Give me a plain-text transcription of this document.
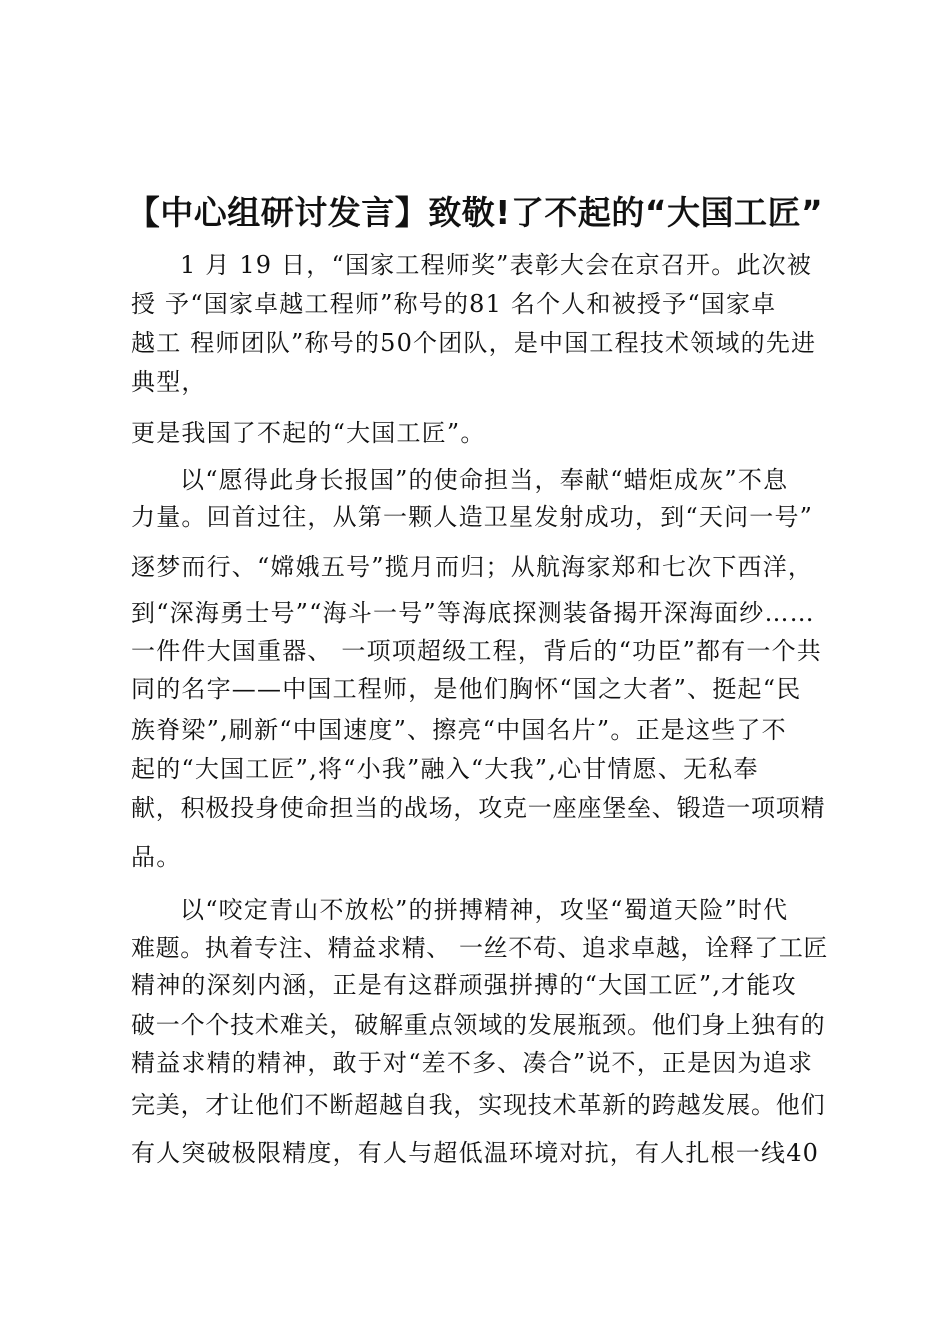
【中心组研讨发言】致敬!了不起的“大国工匠”

1 月 19 日，“国家工程师奖”表彰大会在京召开。此次被

授 予“国家卓越工程师”称号的81 名个人和被授予“国家卓

越工 程师团队”称号的50个团队，是中国工程技术领域的先进

典型，

更是我国了不起的“大国工匠”。

以“愿得此身长报国”的使命担当，奉献“蜡炬成灰”不息

力量。回首过往，从第一颗人造卫星发射成功，到“天问一号”

逐梦而行、“嫦娥五号”揽月而归；从航海家郑和七次下西洋，

到“深海勇士号”“海斗一号”等海底探测装备揭开深海面纱……

一件件大国重器、 一项项超级工程，背后的“功臣”都有一个共

同的名字——中国工程师，是他们胸怀“国之大者”、挺起“民

族脊梁”,刷新“中国速度”、擦亮“中国名片”。正是这些了不

起的“大国工匠”,将“小我”融入“大我”,心甘情愿、无私奉

献，积极投身使命担当的战场，攻克一座座堡垒、锻造一项项精

品。

以“咬定青山不放松”的拼搏精神，攻坚“蜀道天险”时代

难题。执着专注、精益求精、 一丝不苟、追求卓越，诠释了工匠

精神的深刻内涵，正是有这群顽强拼搏的“大国工匠”,才能攻

破一个个技术难关，破解重点领域的发展瓶颈。他们身上独有的

精益求精的精神，敢于对“差不多、凑合”说不，正是因为追求

完美，才让他们不断超越自我，实现技术革新的跨越发展。他们

有人突破极限精度，有人与超低温环境对抗，有人扎根一线40
